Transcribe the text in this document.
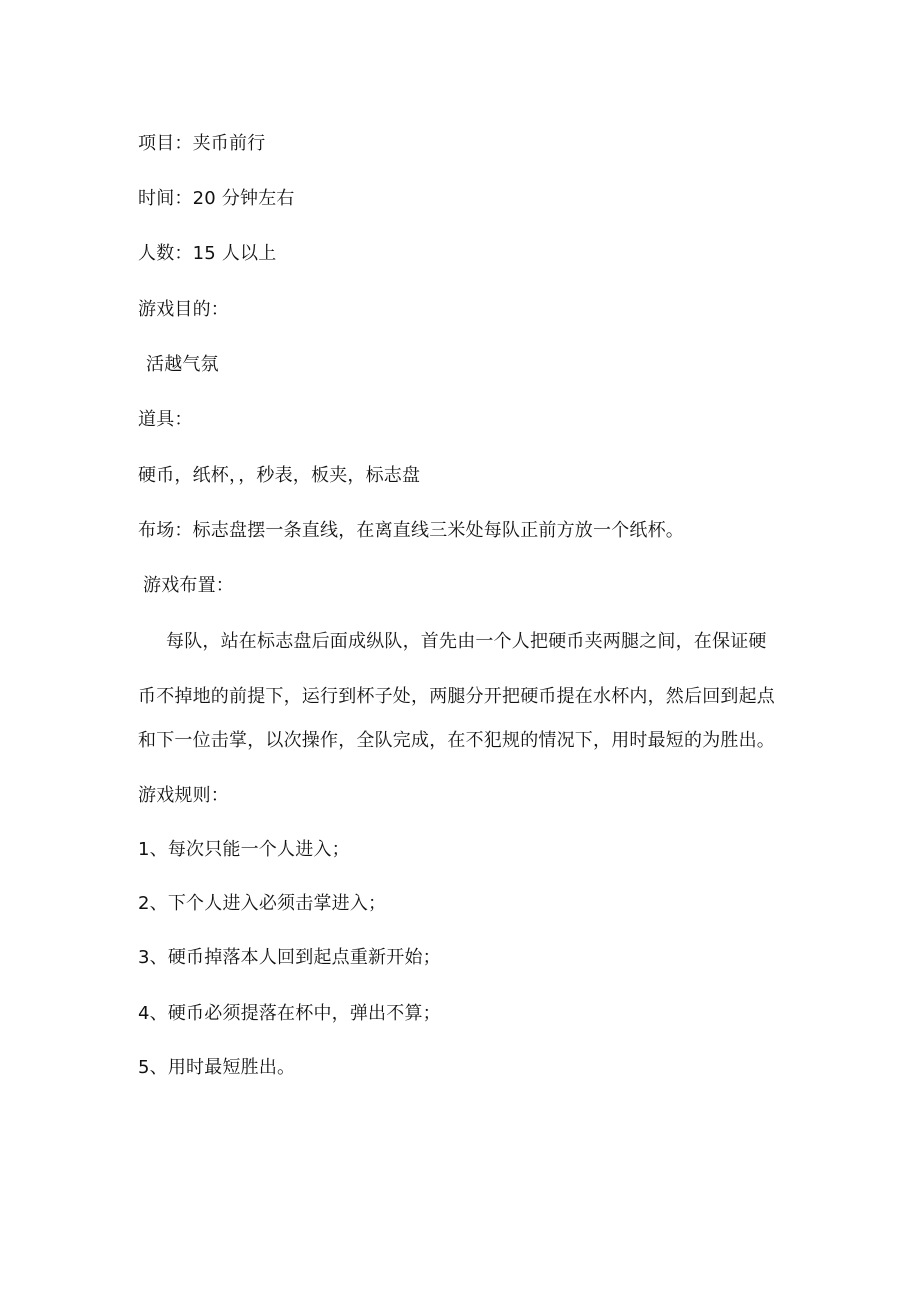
项目：夹币前行
时间：20 分钟左右
人数：15 人以上
游戏目的：
活越气氛
道具：
硬币，纸杯，，秒表，板夹，标志盘
布场：标志盘摆一条直线，在离直线三米处每队正前方放一个纸杯。
游戏布置：
每队，站在标志盘后面成纵队，首先由一个人把硬币夹两腿之间，在保证硬
币不掉地的前提下，运行到杯子处，两腿分开把硬币提在水杯内，然后回到起点
和下一位击掌，以次操作，全队完成，在不犯规的情况下，用时最短的为胜出。
游戏规则：
1、每次只能一个人进入；
2、下个人进入必须击掌进入；
3、硬币掉落本人回到起点重新开始；
4、硬币必须提落在杯中，弹出不算；
5、用时最短胜出。
